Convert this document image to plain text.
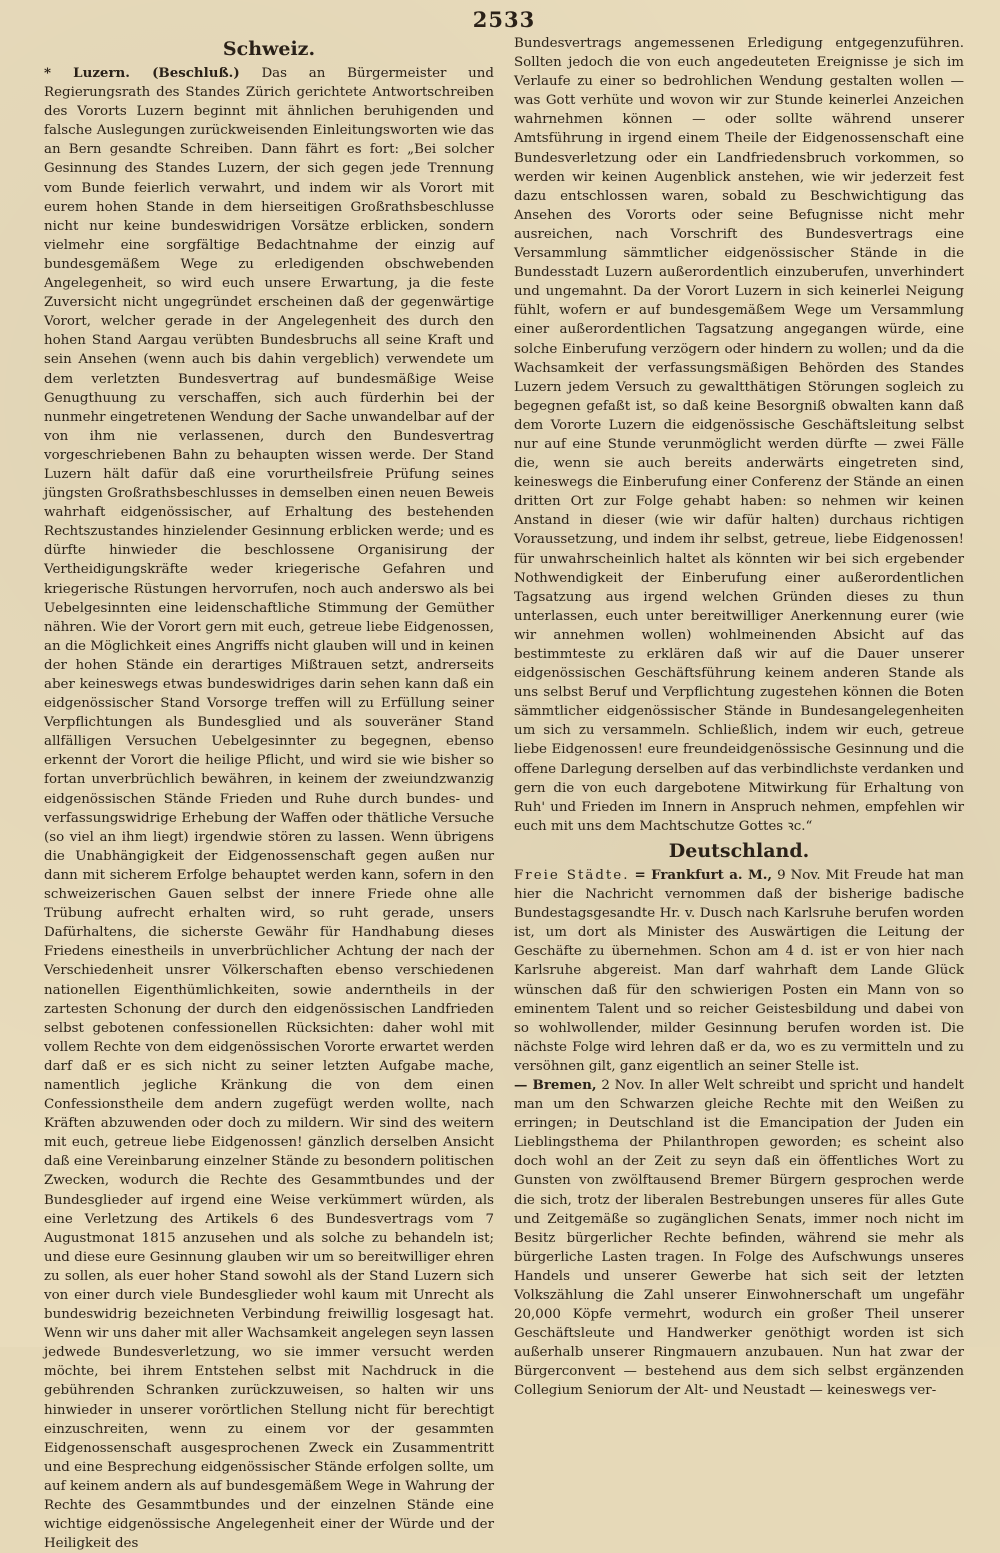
2533
Schweiz.

* Luzern. (Beschluß.) Das an Bürgermeister und Regierungsrath des Standes Zürich gerichtete Antwortschreiben des Vororts Luzern beginnt mit ähnlichen beruhigenden und falsche Auslegungen zurückweisenden Einleitungsworten wie das an Bern gesandte Schreiben. Dann fährt es fort: „Bei solcher Gesinnung des Standes Luzern, der sich gegen jede Trennung vom Bunde feierlich verwahrt, und indem wir als Vorort mit eurem hohen Stande in dem hierseitigen Großrathsbeschlusse nicht nur keine bundeswidrigen Vorsätze erblicken, sondern vielmehr eine sorgfältige Bedachtnahme der einzig auf bundesgemäßem Wege zu erledigenden obschwebenden Angelegenheit, so wird euch unsere Erwartung, ja die feste Zuversicht nicht ungegründet erscheinen daß der gegenwärtige Vorort, welcher gerade in der Angelegenheit des durch den hohen Stand Aargau verübten Bundesbruchs all seine Kraft und sein Ansehen (wenn auch bis dahin vergeblich) verwendete um dem verletzten Bundesvertrag auf bundesmäßige Weise Genugthuung zu verschaffen, sich auch fürderhin bei der nunmehr eingetretenen Wendung der Sache unwandelbar auf der von ihm nie verlassenen, durch den Bundesvertrag vorgeschriebenen Bahn zu behaupten wissen werde. Der Stand Luzern hält dafür daß eine vorurtheilsfreie Prüfung seines jüngsten Großrathsbeschlusses in demselben einen neuen Beweis wahrhaft eidgenössischer, auf Erhaltung des bestehenden Rechtszustandes hinzielender Gesinnung erblicken werde; und es dürfte hinwieder die beschlossene Organisirung der Vertheidigungskräfte weder kriegerische Gefahren und kriegerische Rüstungen hervorrufen, noch auch anderswo als bei Uebelgesinnten eine leidenschaftliche Stimmung der Gemüther nähren. Wie der Vorort gern mit euch, getreue liebe Eidgenossen, an die Möglichkeit eines Angriffs nicht glauben will und in keinen der hohen Stände ein derartiges Mißtrauen setzt, andrerseits aber keineswegs etwas bundeswidriges darin sehen kann daß ein eidgenössischer Stand Vorsorge treffen will zu Erfüllung seiner Verpflichtungen als Bundesglied und als souveräner Stand allfälligen Versuchen Uebelgesinnter zu begegnen, ebenso erkennt der Vorort die heilige Pflicht, und wird sie wie bisher so fortan unverbrüchlich bewähren, in keinem der zweiundzwanzig eidgenössischen Stände Frieden und Ruhe durch bundes- und verfassungswidrige Erhebung der Waffen oder thätliche Versuche (so viel an ihm liegt) irgendwie stören zu lassen. Wenn übrigens die Unabhängigkeit der Eidgenossenschaft gegen außen nur dann mit sicherem Erfolge behauptet werden kann, sofern in den schweizerischen Gauen selbst der innere Friede ohne alle Trübung aufrecht erhalten wird, so ruht gerade, unsers Dafürhaltens, die sicherste Gewähr für Handhabung dieses Friedens einestheils in unverbrüchlicher Achtung der nach der Verschiedenheit unsrer Völkerschaften ebenso verschiedenen nationellen Eigenthümlichkeiten, sowie anderntheils in der zartesten Schonung der durch den eidgenössischen Landfrieden selbst gebotenen confessionellen Rücksichten: daher wohl mit vollem Rechte von dem eidgenössischen Vororte erwartet werden darf daß er es sich nicht zu seiner letzten Aufgabe mache, namentlich jegliche Kränkung die von dem einen Confessionstheile dem andern zugefügt werden wollte, nach Kräften abzuwenden oder doch zu mildern. Wir sind des weitern mit euch, getreue liebe Eidgenossen! gänzlich derselben Ansicht daß eine Vereinbarung einzelner Stände zu besondern politischen Zwecken, wodurch die Rechte des Gesammtbundes und der Bundesglieder auf irgend eine Weise verkümmert würden, als eine Verletzung des Artikels 6 des Bundesvertrags vom 7 Augustmonat 1815 anzusehen und als solche zu behandeln ist; und diese eure Gesinnung glauben wir um so bereitwilliger ehren zu sollen, als euer hoher Stand sowohl als der Stand Luzern sich von einer durch viele Bundesglieder wohl kaum mit Unrecht als bundeswidrig bezeichneten Verbindung freiwillig losgesagt hat. Wenn wir uns daher mit aller Wachsamkeit angelegen seyn lassen jedwede Bundesverletzung, wo sie immer versucht werden möchte, bei ihrem Entstehen selbst mit Nachdruck in die gebührenden Schranken zurückzuweisen, so halten wir uns hinwieder in unserer vorörtlichen Stellung nicht für berechtigt einzuschreiten, wenn zu einem vor der gesammten Eidgenossenschaft ausgesprochenen Zweck ein Zusammentritt und eine Besprechung eidgenössischer Stände erfolgen sollte, um auf keinem andern als auf bundesgemäßem Wege in Wahrung der Rechte des Gesammtbundes und der einzelnen Stände eine wichtige eidgenössische Angelegenheit einer der Würde und der Heiligkeit des

Bundesvertrags angemessenen Erledigung entgegenzuführen. Sollten jedoch die von euch angedeuteten Ereignisse je sich im Verlaufe zu einer so bedrohlichen Wendung gestalten wollen — was Gott verhüte und wovon wir zur Stunde keinerlei Anzeichen wahrnehmen können — oder sollte während unserer Amtsführung in irgend einem Theile der Eidgenossenschaft eine Bundesverletzung oder ein Landfriedensbruch vorkommen, so werden wir keinen Augenblick anstehen, wie wir jederzeit fest dazu entschlossen waren, sobald zu Beschwichtigung das Ansehen des Vororts oder seine Befugnisse nicht mehr ausreichen, nach Vorschrift des Bundesvertrags eine Versammlung sämmtlicher eidgenössischer Stände in die Bundesstadt Luzern außerordentlich einzuberufen, unverhindert und ungemahnt. Da der Vorort Luzern in sich keinerlei Neigung fühlt, wofern er auf bundesgemäßem Wege um Versammlung einer außerordentlichen Tagsatzung angegangen würde, eine solche Einberufung verzögern oder hindern zu wollen; und da die Wachsamkeit der verfassungsmäßigen Behörden des Standes Luzern jedem Versuch zu gewaltthätigen Störungen sogleich zu begegnen gefaßt ist, so daß keine Besorgniß obwalten kann daß dem Vororte Luzern die eidgenössische Geschäftsleitung selbst nur auf eine Stunde verunmöglicht werden dürfte — zwei Fälle die, wenn sie auch bereits anderwärts eingetreten sind, keineswegs die Einberufung einer Conferenz der Stände an einen dritten Ort zur Folge gehabt haben: so nehmen wir keinen Anstand in dieser (wie wir dafür halten) durchaus richtigen Voraussetzung, und indem ihr selbst, getreue, liebe Eidgenossen! für unwahrscheinlich haltet als könnten wir bei sich ergebender Nothwendigkeit der Einberufung einer außerordentlichen Tagsatzung aus irgend welchen Gründen dieses zu thun unterlassen, euch unter bereitwilliger Anerkennung eurer (wie wir annehmen wollen) wohlmeinenden Absicht auf das bestimmteste zu erklären daß wir auf die Dauer unserer eidgenössischen Geschäftsführung keinem anderen Stande als uns selbst Beruf und Verpflichtung zugestehen können die Boten sämmtlicher eidgenössischer Stände in Bundesangelegenheiten um sich zu versammeln. Schließlich, indem wir euch, getreue liebe Eidgenossen! eure freundeidgenössische Gesinnung und die offene Darlegung derselben auf das verbindlichste verdanken und gern die von euch dargebotene Mitwirkung für Erhaltung von Ruh' und Frieden im Innern in Anspruch nehmen, empfehlen wir euch mit uns dem Machtschutze Gottes ꝛc.“

Deutschland.

Freie Städte. = Frankfurt a. M., 9 Nov. Mit Freude hat man hier die Nachricht vernommen daß der bisherige badische Bundestagsgesandte Hr. v. Dusch nach Karlsruhe berufen worden ist, um dort als Minister des Auswärtigen die Leitung der Geschäfte zu übernehmen. Schon am 4 d. ist er von hier nach Karlsruhe abgereist. Man darf wahrhaft dem Lande Glück wünschen daß für den schwierigen Posten ein Mann von so eminentem Talent und so reicher Geistesbildung und dabei von so wohlwollender, milder Gesinnung berufen worden ist. Die nächste Folge wird lehren daß er da, wo es zu vermitteln und zu versöhnen gilt, ganz eigentlich an seiner Stelle ist.

— Bremen, 2 Nov. In aller Welt schreibt und spricht und handelt man um den Schwarzen gleiche Rechte mit den Weißen zu erringen; in Deutschland ist die Emancipation der Juden ein Lieblingsthema der Philanthropen geworden; es scheint also doch wohl an der Zeit zu seyn daß ein öffentliches Wort zu Gunsten von zwölftausend Bremer Bürgern gesprochen werde die sich, trotz der liberalen Bestrebungen unseres für alles Gute und Zeitgemäße so zugänglichen Senats, immer noch nicht im Besitz bürgerlicher Rechte befinden, während sie mehr als bürgerliche Lasten tragen. In Folge des Aufschwungs unseres Handels und unserer Gewerbe hat sich seit der letzten Volkszählung die Zahl unserer Einwohnerschaft um ungefähr 20,000 Köpfe vermehrt, wodurch ein großer Theil unserer Geschäftsleute und Handwerker genöthigt worden ist sich außerhalb unserer Ringmauern anzubauen. Nun hat zwar der Bürgerconvent — bestehend aus dem sich selbst ergänzenden Collegium Seniorum der Alt- und Neustadt — keineswegs ver-
